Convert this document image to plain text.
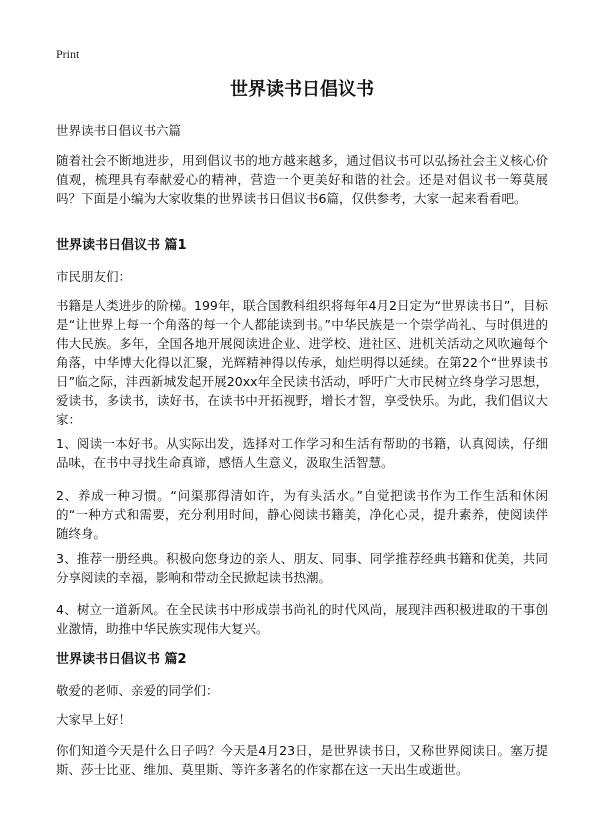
Print
世界读书日倡议书

世界读书日倡议书六篇

随着社会不断地进步，用到倡议书的地方越来越多，通过倡议书可以弘扬社会主义核心价值观，梳理具有奉献爱心的精神，营造一个更美好和谐的社会。还是对倡议书一筹莫展吗？下面是小编为大家收集的世界读书日倡议书6篇，仅供参考，大家一起来看看吧。

世界读书日倡议书 篇1

市民朋友们：

书籍是人类进步的阶梯。199年，联合国教科组织将每年4月2日定为“世界读书日”，目标是“让世界上每一个角落的每一个人都能读到书。”中华民族是一个崇学尚礼、与时俱进的伟大民族。多年，全国各地开展阅读进企业、进学校、进社区、进机关活动之风吹遍每个角落，中华博大化得以汇聚，光辉精神得以传承，灿烂明得以延续。在第22个“世界读书日”临之际，沣西新城发起开展20xx年全民读书活动，呼吁广大市民树立终身学习思想，爱读书，多读书，读好书，在读书中开拓视野，增长才智，享受快乐。为此，我们倡议大家：

1、阅读一本好书。从实际出发，选择对工作学习和生活有帮助的书籍，认真阅读，仔细品味，在书中寻找生命真谛，感悟人生意义，汲取生活智慧。

2、养成一种习惯。“问渠那得清如许，为有头活水。”自觉把读书作为工作生活和休闲的“一种方式和需要，充分利用时间，静心阅读书籍美，净化心灵，提升素养，使阅读伴随终身。

3、推荐一册经典。积极向您身边的亲人、朋友、同事、同学推荐经典书籍和优美，共同分享阅读的幸福，影响和带动全民掀起读书热潮。

4、树立一道新风。在全民读书中形成崇书尚礼的时代风尚，展现沣西积极进取的干事创业激情，助推中华民族实现伟大复兴。

世界读书日倡议书 篇2

敬爱的老师、亲爱的同学们：

大家早上好！

你们知道今天是什么日子吗？今天是4月23日，是世界读书日，又称世界阅读日。塞万提斯、莎士比亚、维加、莫里斯、等许多著名的作家都在这一天出生或逝世。
